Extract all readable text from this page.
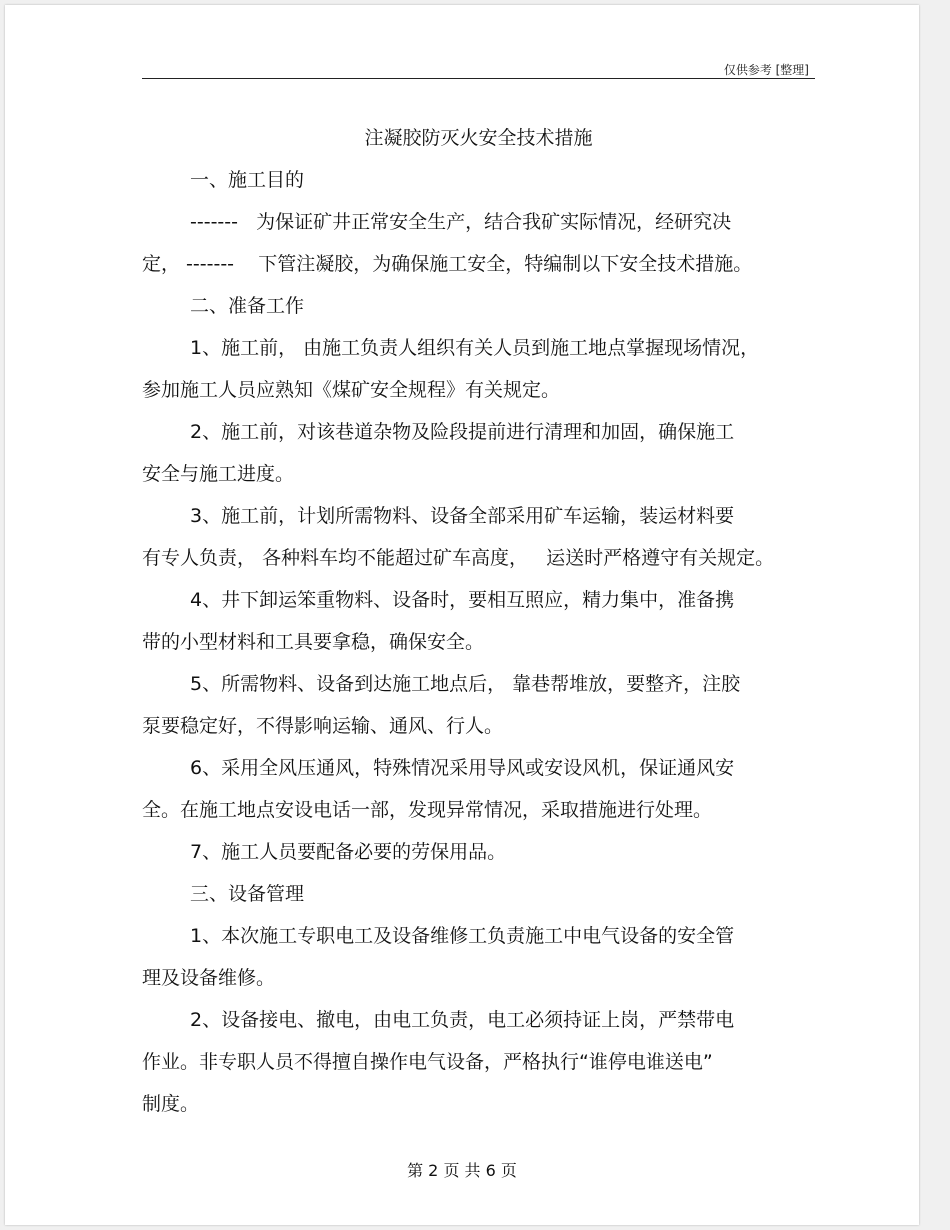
仅供参考 [整理]

注凝胶防灭火安全技术措施

一、施工目的

-------   为保证矿井正常安全生产，结合我矿实际情况，经研究决

定， -------    下管注凝胶，为确保施工安全，特编制以下安全技术措施。

二、准备工作

1、施工前， 由施工负责人组织有关人员到施工地点掌握现场情况，

参加施工人员应熟知《煤矿安全规程》有关规定。

2、施工前，对该巷道杂物及险段提前进行清理和加固，确保施工

安全与施工进度。

3、施工前，计划所需物料、设备全部采用矿车运输，装运材料要

有专人负责， 各种料车均不能超过矿车高度，   运送时严格遵守有关规定。

4、井下卸运笨重物料、设备时，要相互照应，精力集中，准备携

带的小型材料和工具要拿稳，确保安全。

5、所需物料、设备到达施工地点后， 靠巷帮堆放，要整齐，注胶

泵要稳定好，不得影响运输、通风、行人。

6、采用全风压通风，特殊情况采用导风或安设风机，保证通风安

全。在施工地点安设电话一部，发现异常情况，采取措施进行处理。

7、施工人员要配备必要的劳保用品。

三、设备管理

1、本次施工专职电工及设备维修工负责施工中电气设备的安全管

理及设备维修。

2、设备接电、撤电，由电工负责，电工必须持证上岗，严禁带电

作业。非专职人员不得擅自操作电气设备，严格执行“谁停电谁送电”

制度。

第 2 页 共 6 页
